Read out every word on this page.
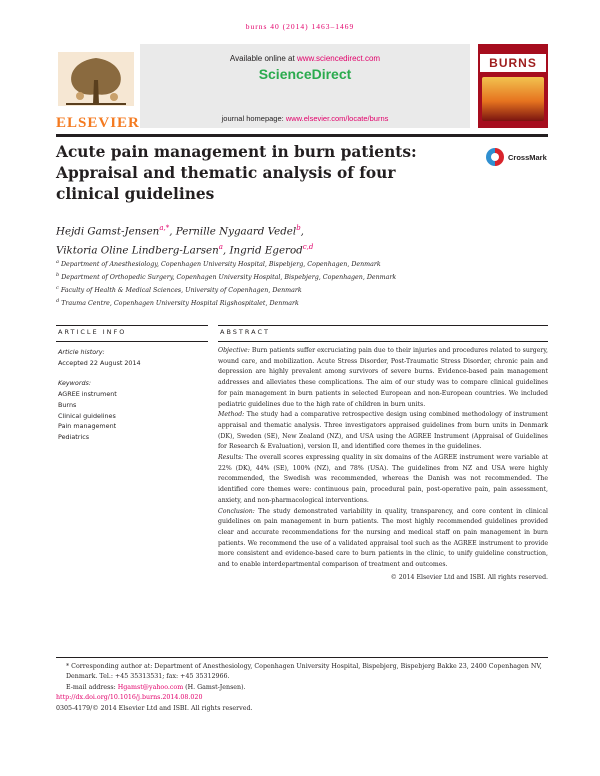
burns 40 (2014) 1463–1469
ELSEVIER
Available online at www.sciencedirect.com
ScienceDirect
journal homepage: www.elsevier.com/locate/burns
BURNS
Acute pain management in burn patients: Appraisal and thematic analysis of four clinical guidelines
CrossMark
Hejdi Gamst-Jensen$^{a,*}$, Pernille Nygaard Vedel$^b$,
Viktoria Oline Lindberg-Larsen$^a$, Ingrid Egerod$^{c,d}$
$^a$ Department of Anesthesiology, Copenhagen University Hospital, Bispebjerg, Copenhagen, Denmark
$^b$ Department of Orthopedic Surgery, Copenhagen University Hospital, Bispebjerg, Copenhagen, Denmark
$^c$ Faculty of Health & Medical Sciences, University of Copenhagen, Denmark
$^d$ Trauma Centre, Copenhagen University Hospital Rigshospitalet, Denmark
ARTICLE INFO	ABSTRACT
Article history:
Accepted 22 August 2014
Keywords:
AGREE instrument
Burns
Clinical guidelines
Pain management
Pediatrics

Objective: Burn patients suffer excruciating pain due to their injuries and procedures related to surgery, wound care, and mobilization. Acute Stress Disorder, Post-Traumatic Stress Disorder, chronic pain and depression are highly prevalent among survivors of severe burns. Evidence-based pain management addresses and alleviates these complications. The aim of our study was to compare clinical guidelines for pain management in burn patients in selected European and non-European countries. We included pediatric guidelines due to the high rate of children in burn units.

Method: The study had a comparative retrospective design using combined methodology of instrument appraisal and thematic analysis. Three investigators appraised guidelines from burn units in Denmark (DK), Sweden (SE), New Zealand (NZ), and USA using the AGREE Instrument (Appraisal of Guidelines for Research & Evaluation), version II, and identified core themes in the guidelines.

Results: The overall scores expressing quality in six domains of the AGREE instrument were variable at 22% (DK), 44% (SE), 100% (NZ), and 78% (USA). The guidelines from NZ and USA were highly recommended, the Swedish was recommended, whereas the Danish was not recommended. The identified core themes were: continuous pain, procedural pain, post-operative pain, pain assessment, anxiety, and non-pharmacological interventions.

Conclusion: The study demonstrated variability in quality, transparency, and core content in clinical guidelines on pain management in burn patients. The most highly recommended guidelines provided clear and accurate recommendations for the nursing and medical staff on pain management in burn patients. We recommend the use of a validated appraisal tool such as the AGREE instrument to provide more consistent and evidence-based care to burn patients in the clinic, to unify guideline construction, and to enable interdepartmental comparison of treatment and outcomes.

© 2014 Elsevier Ltd and ISBI. All rights reserved.

* Corresponding author at: Department of Anesthesiology, Copenhagen University Hospital, Bispebjerg, Bispebjerg Bakke 23, 2400 Copenhagen NV, Denmark. Tel.: +45 35313531; fax: +45 35312966.
E-mail address: Hgamst@yahoo.com (H. Gamst-Jensen).
http://dx.doi.org/10.1016/j.burns.2014.08.020
0305-4179/© 2014 Elsevier Ltd and ISBI. All rights reserved.
